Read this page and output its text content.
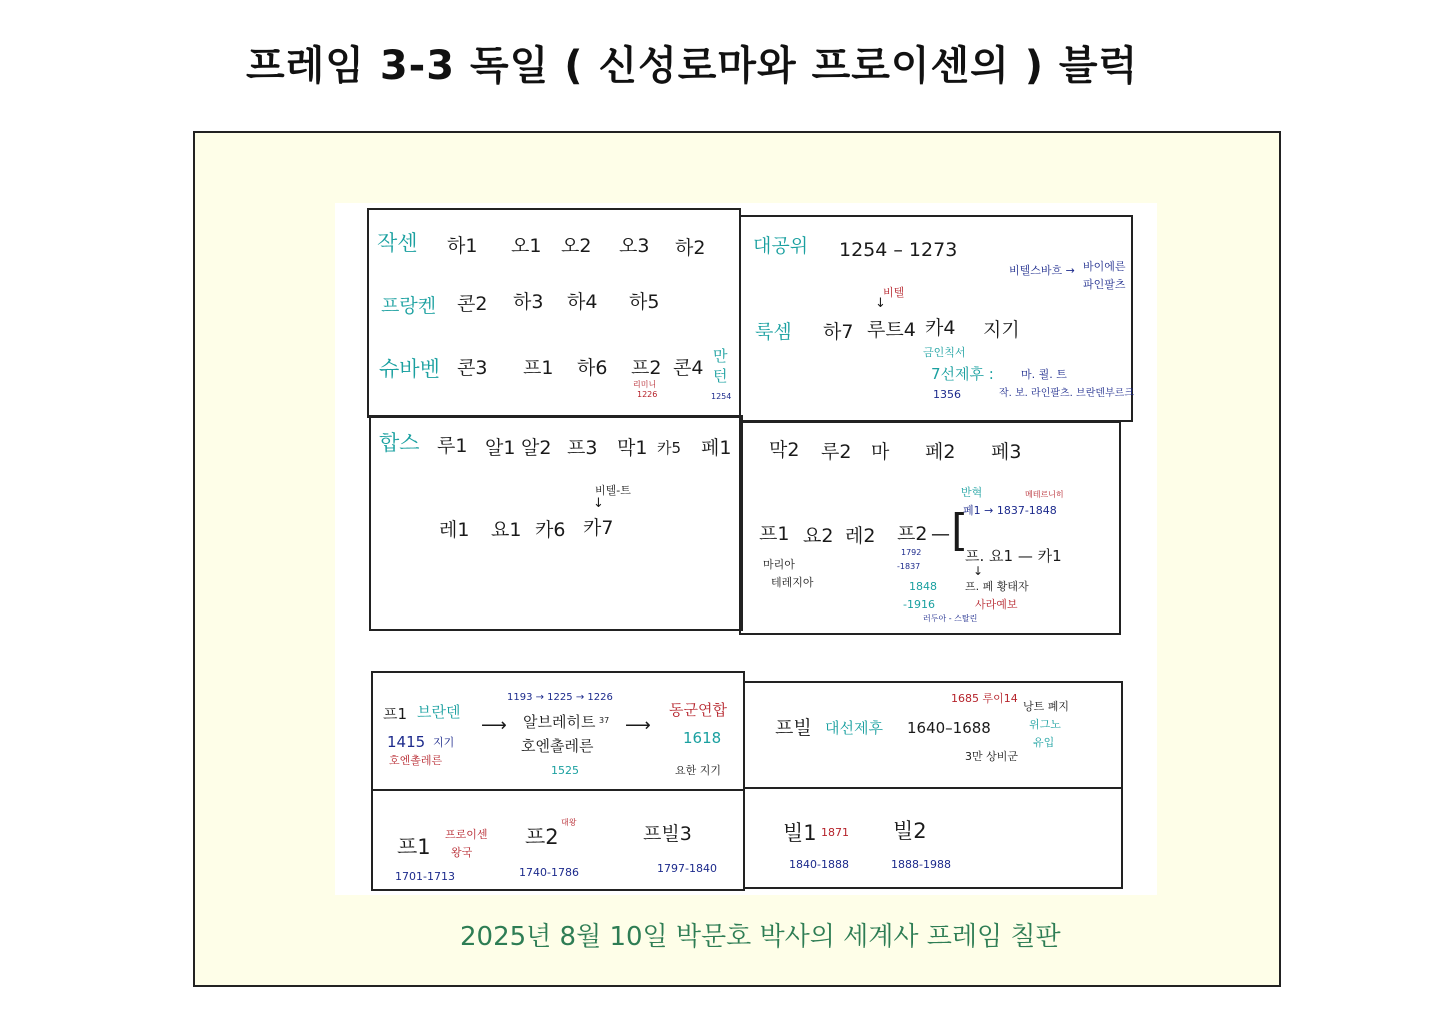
프레임 3-3 독일 ( 신성로마와 프로이센의 ) 블럭
작센 하1 오1 오2 오3 하2
프랑켄 콘2 하3 하4 하5
슈바벤 콘3 프1 하6 프2 콘4
리미니
1226
만
턴
1254
대공위 1254 – 1273
비텔스바흐 → 바이에른
파인팔츠
비텔
↓
룩셈 하7 루트4 카4 지기
금인칙서
7선제후 : 마. 쾰. 트
1356	작. 보. 라인팔츠. 브란덴부르크
합스 루1 알1 알2 프3 막1 카5 페1
비텔-트
↓
레1 요1 카6 카7
막2 루2 마 페2 페3
프1 요2 레2 프2 — [
마리아
테레지아
1792
-1837
1848
-1916
러두아 - 스탈린
반혁	메테르니히
페1 → 1837-1848
프. 요1 — 카1
↓
프. 페 황태자
사라예보
프1 브란덴
1415 지기
호엔촐레른
⟶
1193 → 1225 → 1226
알브레히트 37
호엔촐레른
1525
⟶
동군연합
1618
요한 지기
프빌 대선제후 1640–1688
1685 루이14
낭트 폐지
위그노
유입
3만 상비군
프1
프로이센
왕국
1701-1713
프2
대왕
1740-1786
프빌3
1797-1840
빌1 1871
1840-1888
빌2
1888-1988
2025년 8월 10일 박문호 박사의 세계사 프레임 칠판
